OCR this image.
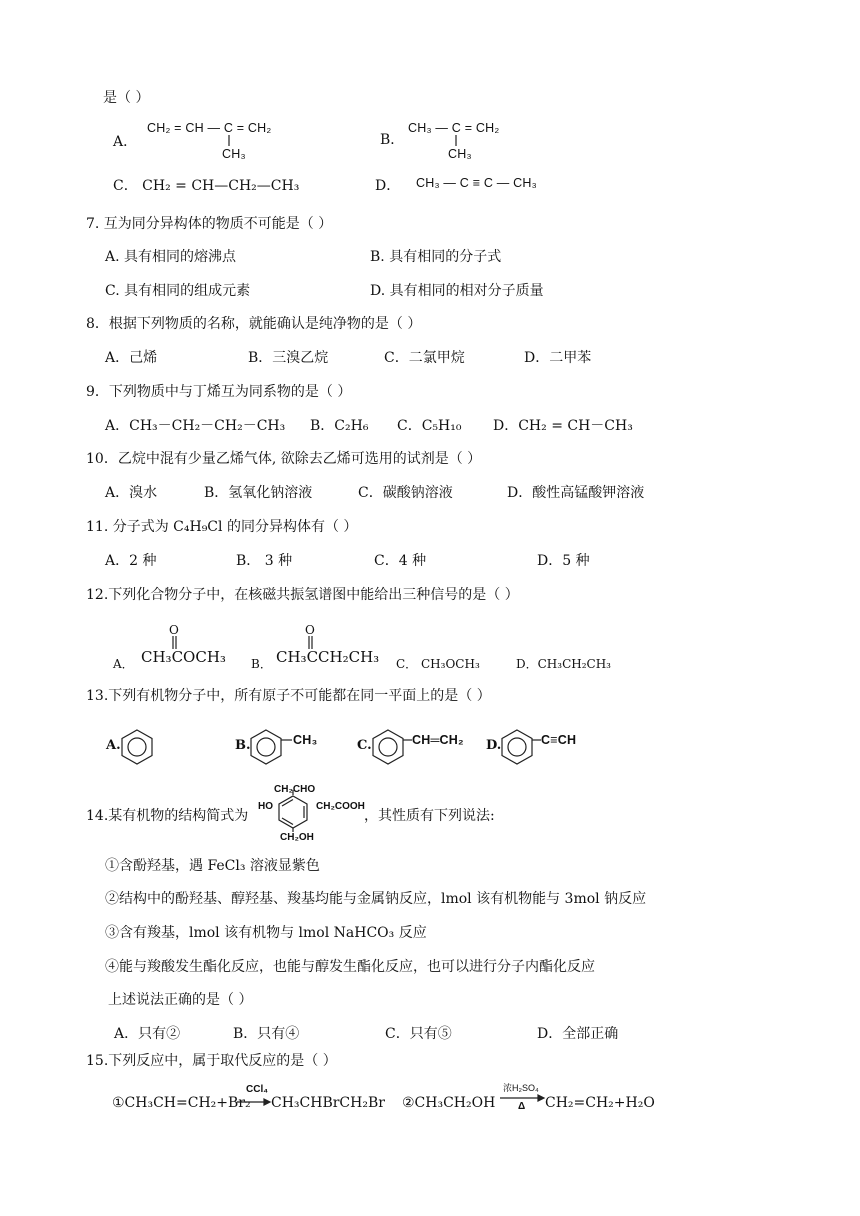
是（ ）
A．
CH₂ = CH — C = CH₂
CH₃
B．
CH₃ — C = CH₂
CH₃
C． CH₂ = CH—CH₂—CH₃	D． CH₃ — C ≡ C — CH₃
7. 互为同分异构体的物质不可能是（ ）
A. 具有相同的熔沸点	B. 具有相同的分子式
C. 具有相同的组成元素	D. 具有相同的相对分子质量
8．根据下列物质的名称，就能确认是纯净物的是（ ）
A．己烯	B．三溴乙烷	C．二氯甲烷	D．二甲苯
9．下列物质中与丁烯互为同系物的是（ ）
A．CH₃－CH₂－CH₂－CH₃ B．C₂H₆ C．C₅H₁₀ D．CH₂ = CH－CH₃
10．乙烷中混有少量乙烯气体, 欲除去乙烯可选用的试剂是（ ）
A．溴水	B．氢氧化钠溶液	C．碳酸钠溶液	D．酸性高锰酸钾溶液
11. 分子式为 C₄H₉Cl 的同分异构体有（ ）
A．2 种	B． 3 种	C．4 种	D．5 种
12.下列化合物分子中，在核磁共振氢谱图中能给出三种信号的是（ ）
A．
O
CH₃COCH₃ B．
O
CH₃CCH₂CH₃ C． CH₃OCH₃	D．CH₃CH₂CH₃
13.下列有机物分子中，所有原子不可能都在同一平面上的是（ ）
A.	B.	CH₃	C.	CH═CH₂ D.	C≡CH
14.某有机物的结构简式为
CH₂CHO
HO	CH₂COOH
CH₂OH
，其性质有下列说法:
①含酚羟基，遇 FeCl₃ 溶液显紫色
②结构中的酚羟基、醇羟基、羧基均能与金属钠反应，lmol 该有机物能与 3mol 钠反应
③含有羧基，lmol 该有机物与 lmol NaHCO₃ 反应
④能与羧酸发生酯化反应，也能与醇发生酯化反应，也可以进行分子内酯化反应
上述说法正确的是（ ）
A．只有②	B．只有④	C．只有⑤	D．全部正确
15.下列反应中，属于取代反应的是（ ）
①CH₃CH=CH₂+Br₂
CCl₄
CH₃CHBrCH₂Br ②CH₃CH₂OH
浓H₂SO₄
Δ CH₂=CH₂+H₂O
